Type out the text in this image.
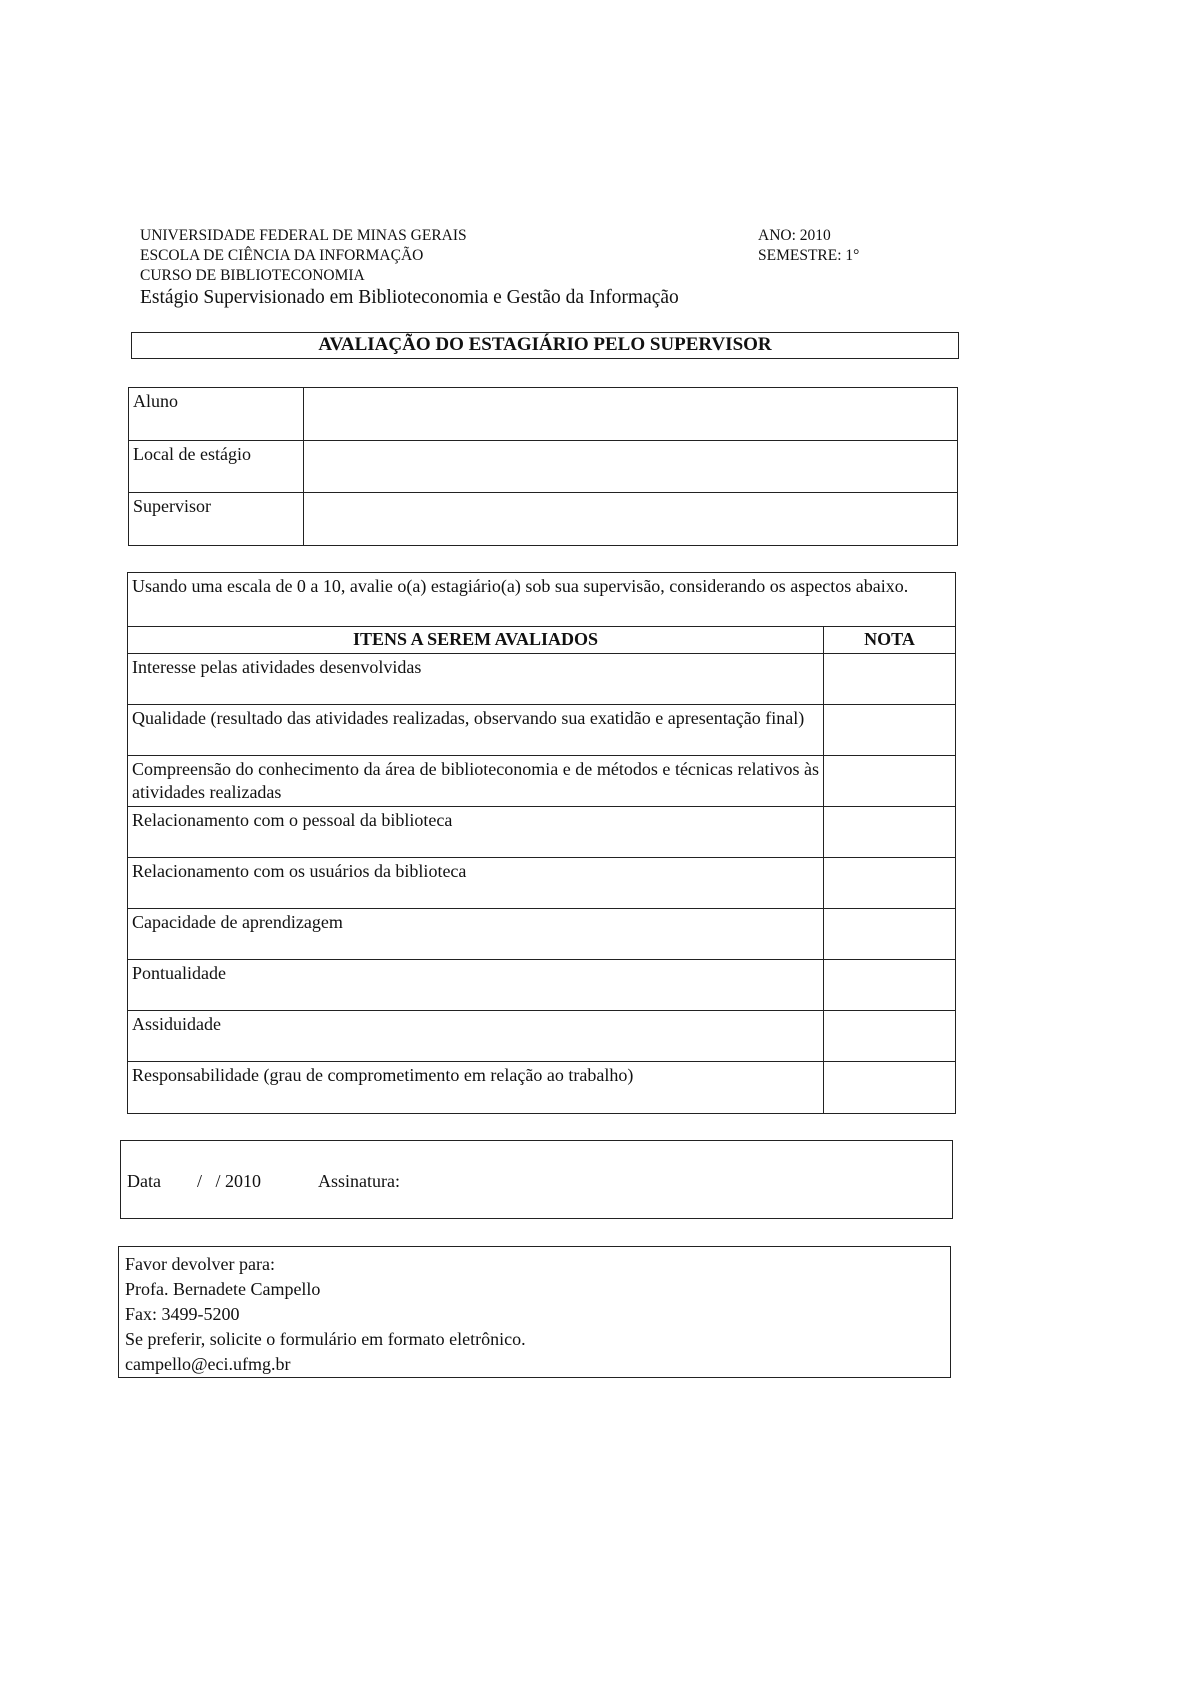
UNIVERSIDADE FEDERAL DE MINAS GERAIS
ESCOLA DE CIÊNCIA DA INFORMAÇÃO
CURSO DE BIBLIOTECONOMIA
Estágio Supervisionado em Biblioteconomia e Gestão da Informação
ANO: 2010
SEMESTRE: 1°
AVALIAÇÃO DO ESTAGIÁRIO PELO SUPERVISOR
Aluno	
Local de estágio	
Supervisor	
Usando uma escala de 0 a 10, avalie o(a) estagiário(a) sob sua supervisão, considerando os aspectos abaixo.	
ITENS A SEREM AVALIADOS	NOTA
Interesse pelas atividades desenvolvidas	
Qualidade (resultado das atividades realizadas, observando sua exatidão e apresentação final)	
Compreensão do conhecimento da área de biblioteconomia e de métodos e técnicas relativos às atividades realizadas	
Relacionamento com o pessoal da biblioteca	
Relacionamento com os usuários da biblioteca	
Capacidade de aprendizagem	
Pontualidade	
Assiduidade	
Responsabilidade (grau de comprometimento em relação ao trabalho)	
Data /   / 2010	Assinatura:
Favor devolver para:
Profa. Bernadete Campello
Fax: 3499-5200
Se preferir, solicite o formulário em formato eletrônico.
campello@eci.ufmg.br
